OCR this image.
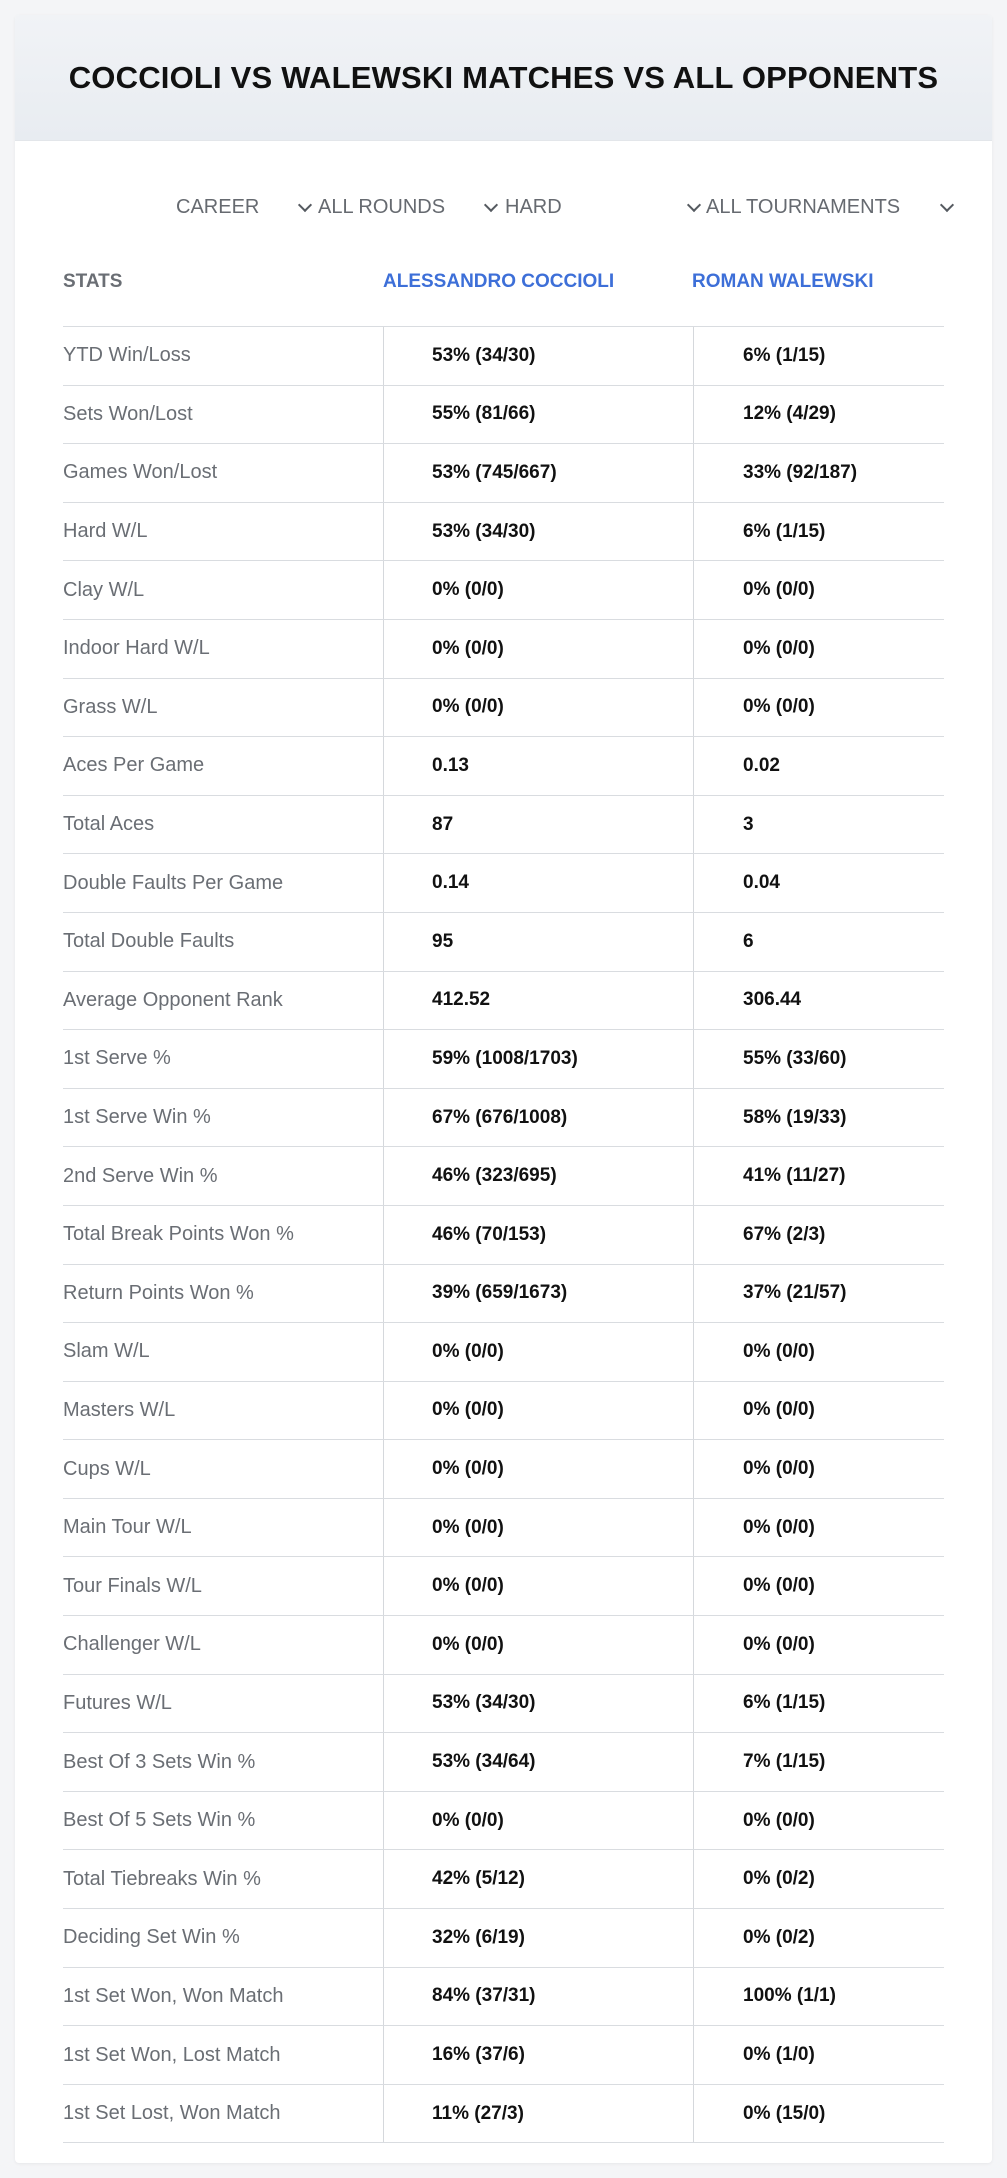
COCCIOLI VS WALEWSKI MATCHES VS ALL OPPONENTS
CAREER	ALL ROUNDS	HARD	ALL TOURNAMENTS
STATS	ALESSANDRO COCCIOLI	ROMAN WALEWSKI
YTD Win/Loss	53% (34/30)	6% (1/15)
Sets Won/Lost	55% (81/66)	12% (4/29)
Games Won/Lost	53% (745/667)	33% (92/187)
Hard W/L	53% (34/30)	6% (1/15)
Clay W/L	0% (0/0)	0% (0/0)
Indoor Hard W/L	0% (0/0)	0% (0/0)
Grass W/L	0% (0/0)	0% (0/0)
Aces Per Game	0.13	0.02
Total Aces	87	3
Double Faults Per Game	0.14	0.04
Total Double Faults	95	6
Average Opponent Rank	412.52	306.44
1st Serve %	59% (1008/1703)	55% (33/60)
1st Serve Win %	67% (676/1008)	58% (19/33)
2nd Serve Win %	46% (323/695)	41% (11/27)
Total Break Points Won %	46% (70/153)	67% (2/3)
Return Points Won %	39% (659/1673)	37% (21/57)
Slam W/L	0% (0/0)	0% (0/0)
Masters W/L	0% (0/0)	0% (0/0)
Cups W/L	0% (0/0)	0% (0/0)
Main Tour W/L	0% (0/0)	0% (0/0)
Tour Finals W/L	0% (0/0)	0% (0/0)
Challenger W/L	0% (0/0)	0% (0/0)
Futures W/L	53% (34/30)	6% (1/15)
Best Of 3 Sets Win %	53% (34/64)	7% (1/15)
Best Of 5 Sets Win %	0% (0/0)	0% (0/0)
Total Tiebreaks Win %	42% (5/12)	0% (0/2)
Deciding Set Win %	32% (6/19)	0% (0/2)
1st Set Won, Won Match	84% (37/31)	100% (1/1)
1st Set Won, Lost Match	16% (37/6)	0% (1/0)
1st Set Lost, Won Match	11% (27/3)	0% (15/0)
